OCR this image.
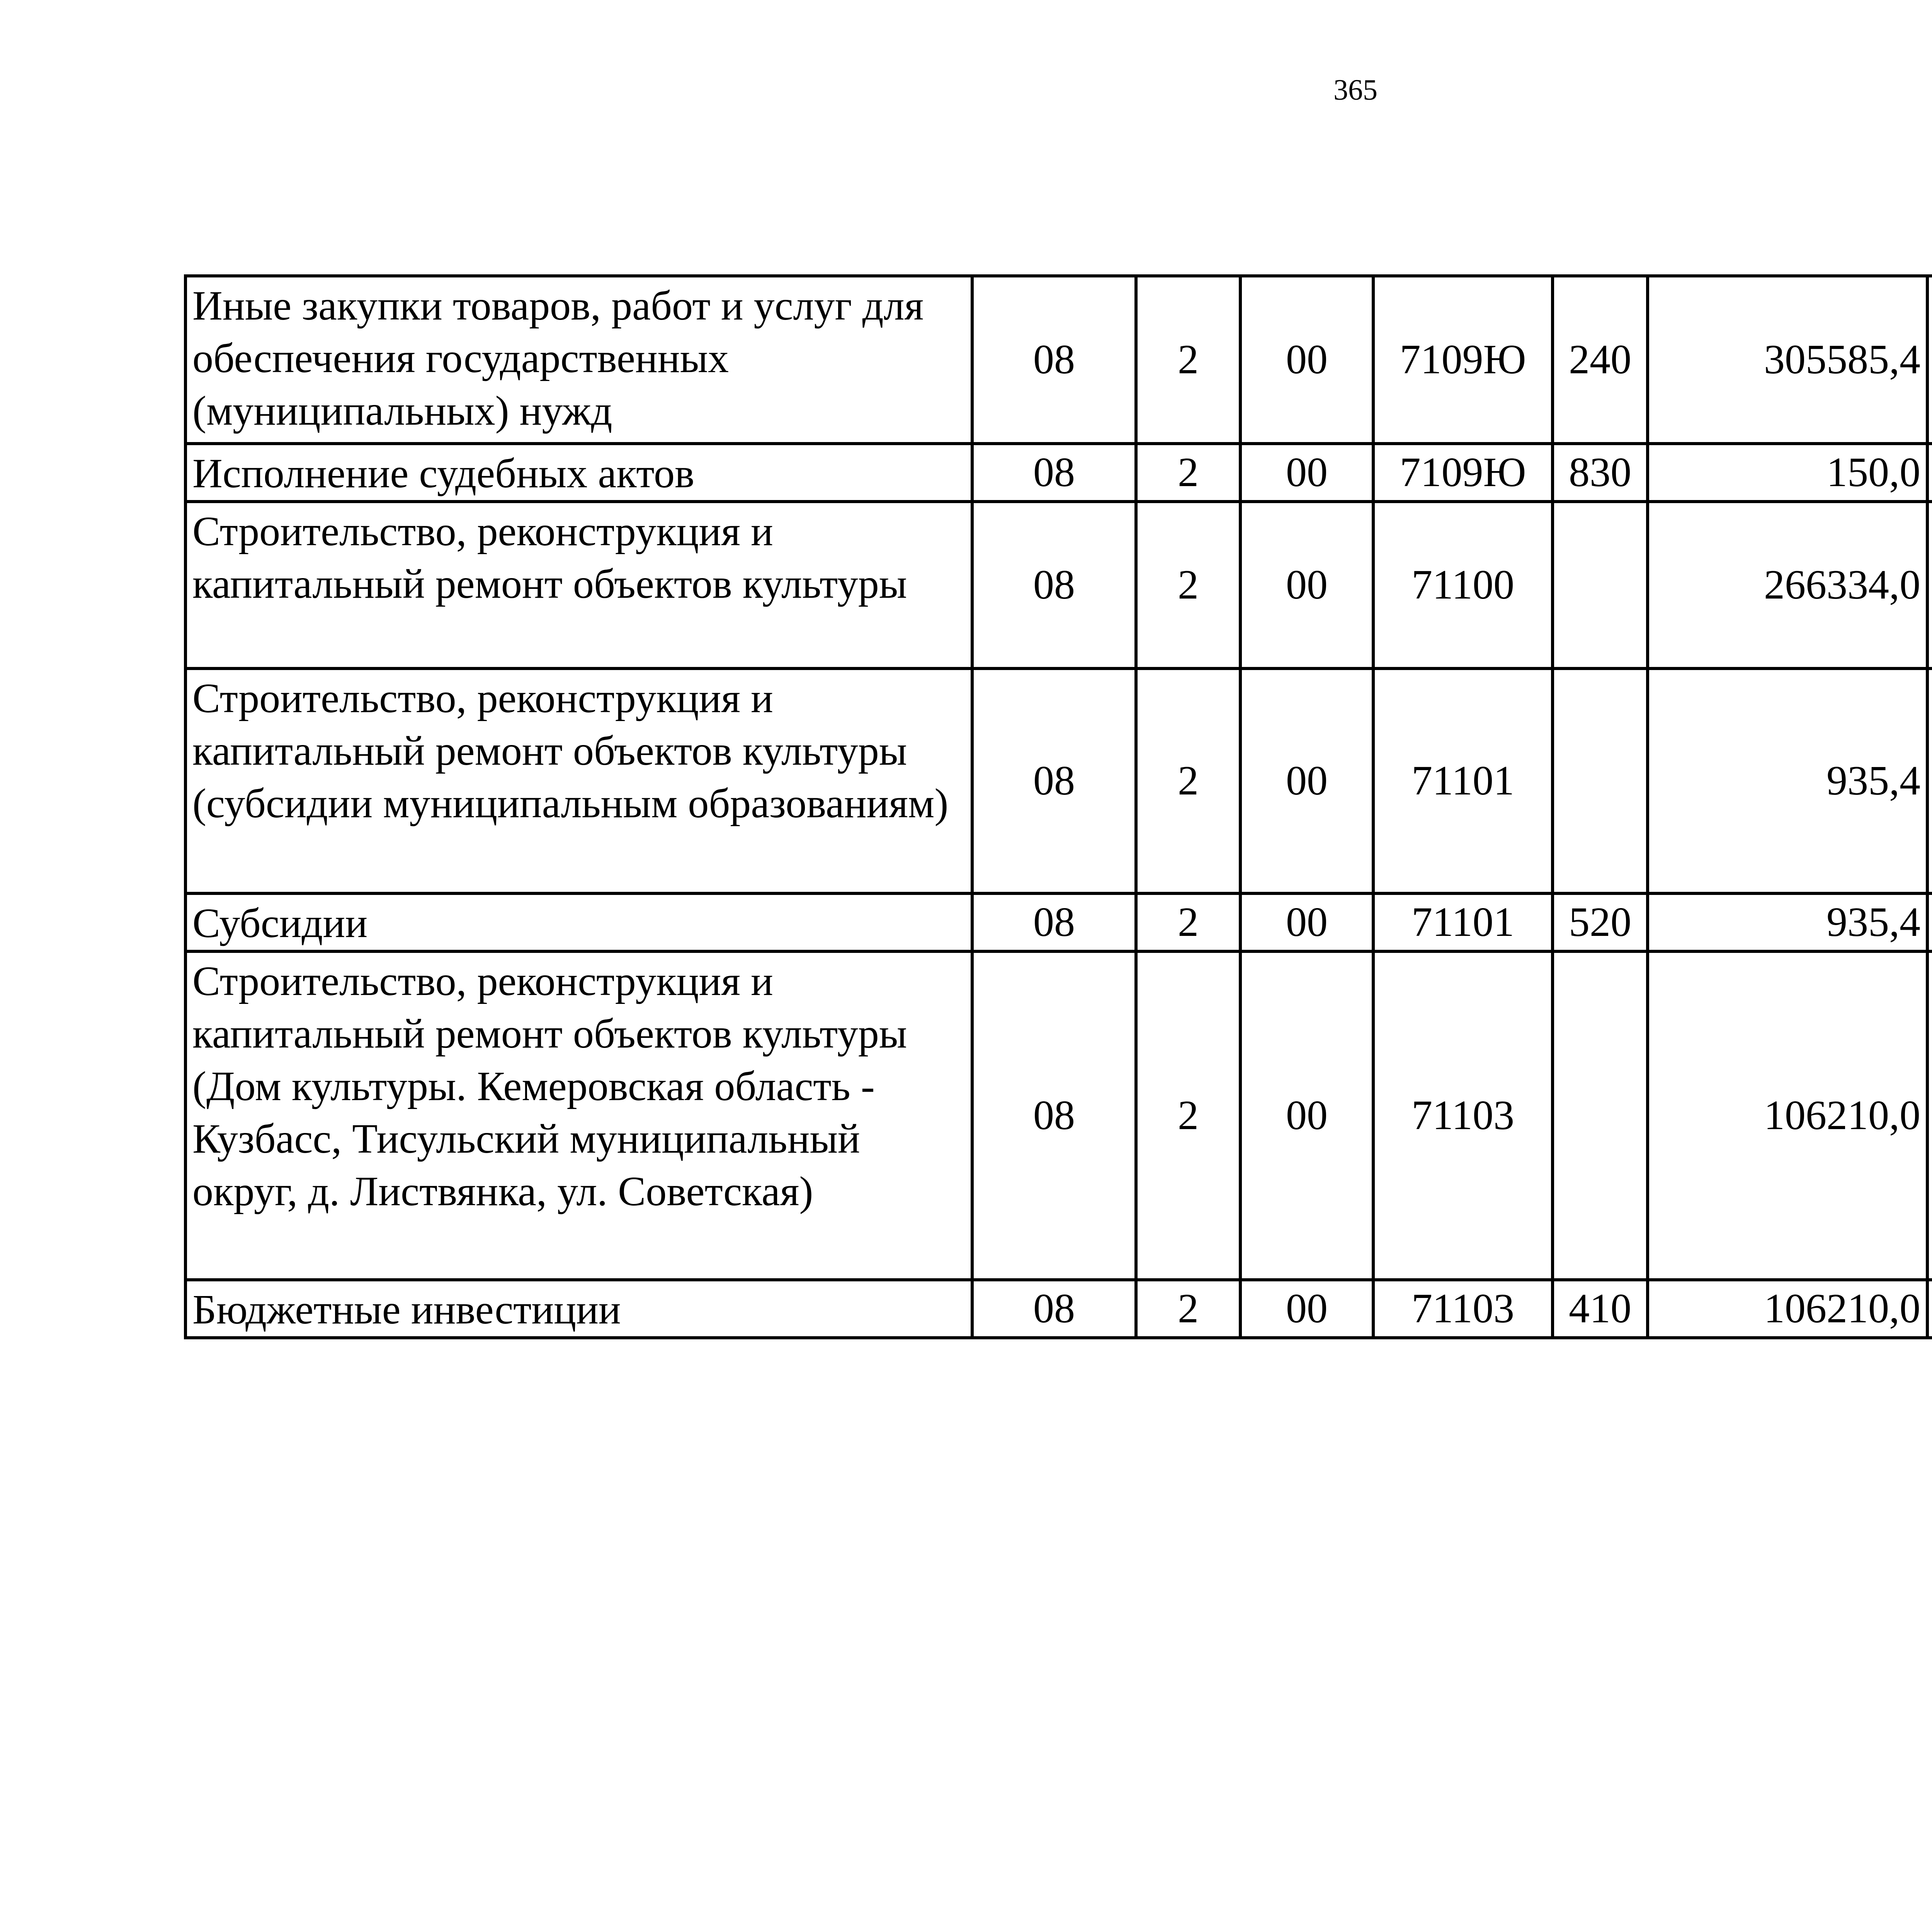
365
Иные закупки товаров, работ и услуг для обеспечения государственных (муниципальных) нужд	08	2	00	7109Ю	240	305585,4		
Исполнение судебных актов	08	2	00	7109Ю	830	150,0		
Строительство, реконструкция и капитальный ремонт объектов культуры	08	2	00	71100		266334,0		
Строительство, реконструкция и капитальный ремонт объектов культуры (субсидии муниципальным образованиям)	08	2	00	71101		935,4		
Субсидии	08	2	00	71101	520	935,4		
Строительство, реконструкция и капитальный ремонт объектов культуры (Дом культуры. Кемеровская область - Кузбасс, Тисульский муниципальный округ, д. Листвянка, ул. Советская)	08	2	00	71103		106210,0		
Бюджетные инвестиции	08	2	00	71103	410	106210,0		
